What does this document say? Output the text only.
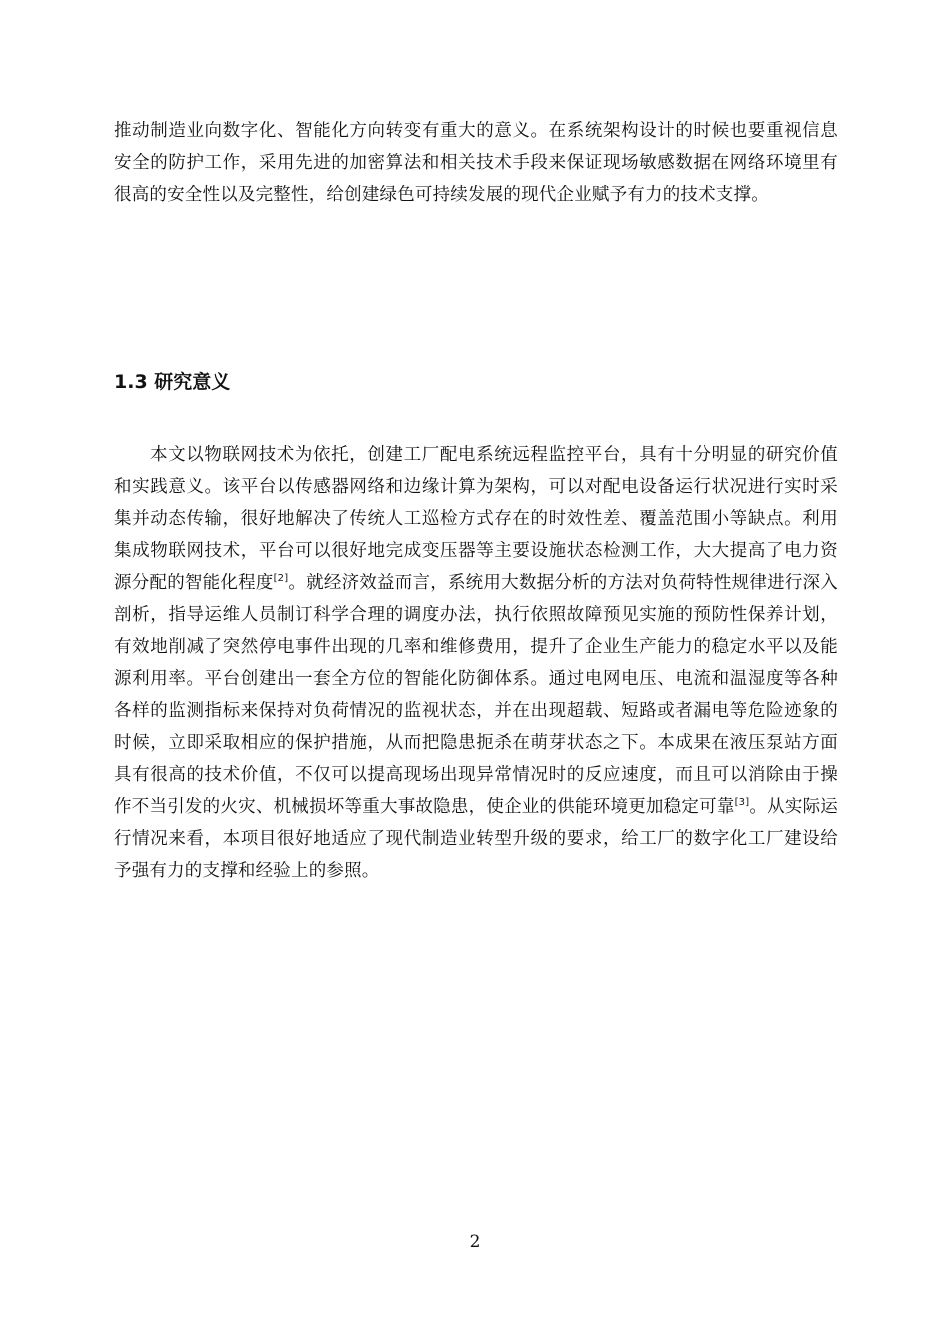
推动制造业向数字化、智能化方向转变有重大的意义。在系统架构设计的时候也要重视信息安全的防护工作，采用先进的加密算法和相关技术手段来保证现场敏感数据在网络环境里有很高的安全性以及完整性，给创建绿色可持续发展的现代企业赋予有力的技术支撑。

1.3 研究意义

本文以物联网技术为依托，创建工厂配电系统远程监控平台，具有十分明显的研究价值和实践意义。该平台以传感器网络和边缘计算为架构，可以对配电设备运行状况进行实时采集并动态传输，很好地解决了传统人工巡检方式存在的时效性差、覆盖范围小等缺点。利用集成物联网技术，平台可以很好地完成变压器等主要设施状态检测工作，大大提高了电力资源分配的智能化程度[2]。就经济效益而言，系统用大数据分析的方法对负荷特性规律进行深入剖析，指导运维人员制订科学合理的调度办法，执行依照故障预见实施的预防性保养计划，有效地削减了突然停电事件出现的几率和维修费用，提升了企业生产能力的稳定水平以及能源利用率。平台创建出一套全方位的智能化防御体系。通过电网电压、电流和温湿度等各种各样的监测指标来保持对负荷情况的监视状态，并在出现超载、短路或者漏电等危险迹象的时候，立即采取相应的保护措施，从而把隐患扼杀在萌芽状态之下。本成果在液压泵站方面具有很高的技术价值，不仅可以提高现场出现异常情况时的反应速度，而且可以消除由于操作不当引发的火灾、机械损坏等重大事故隐患，使企业的供能环境更加稳定可靠[3]。从实际运行情况来看，本项目很好地适应了现代制造业转型升级的要求，给工厂的数字化工厂建设给予强有力的支撑和经验上的参照。

2
